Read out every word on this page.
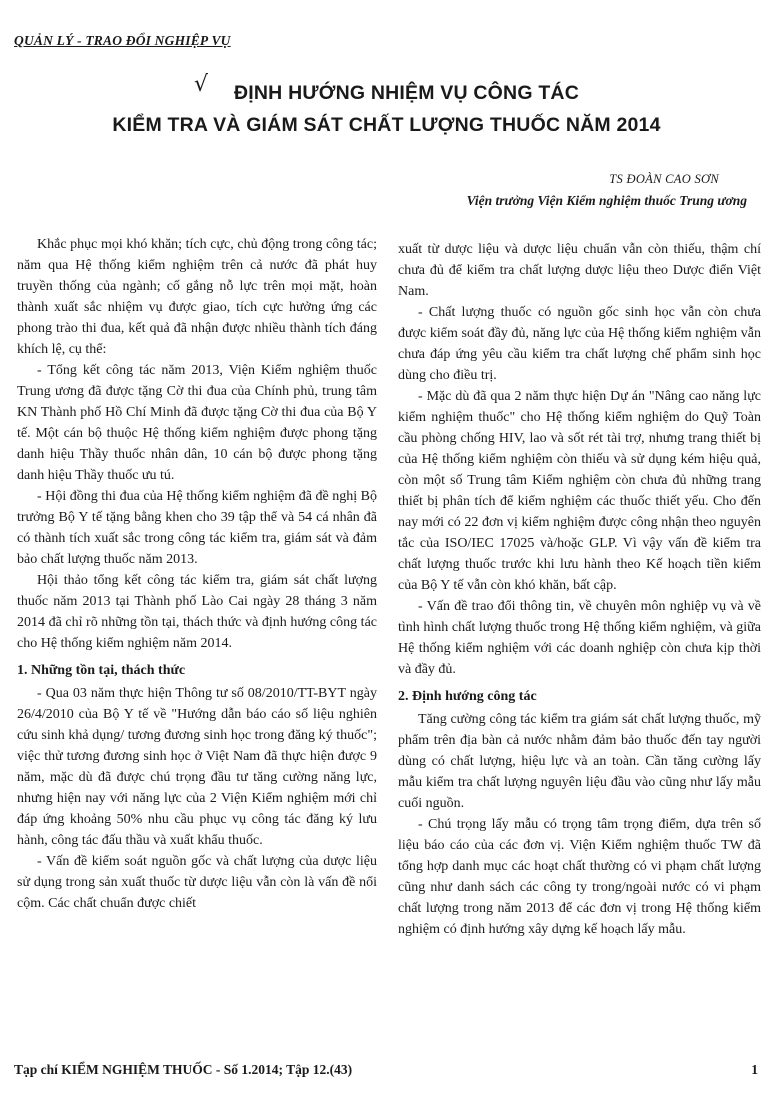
QUẢN LÝ - TRAO ĐỔI NGHIỆP VỤ
√	ĐỊNH HƯỚNG NHIỆM VỤ CÔNG TÁC
KIỂM TRA VÀ GIÁM SÁT CHẤT LƯỢNG THUỐC NĂM 2014
TS ĐOÀN CAO SƠN
Viện trưởng Viện Kiểm nghiệm thuốc Trung ương

Khắc phục mọi khó khăn; tích cực, chủ động trong công tác; năm qua Hệ thống kiểm nghiệm trên cả nước đã phát huy truyền thống của ngành; cố gắng nỗ lực trên mọi mặt, hoàn thành xuất sắc nhiệm vụ được giao, tích cực hưởng ứng các phong trào thi đua, kết quả đã nhận được nhiều thành tích đáng khích lệ, cụ thể:

- Tổng kết công tác năm 2013, Viện Kiểm nghiệm thuốc Trung ương đã được tặng Cờ thi đua của Chính phủ, trung tâm KN Thành phố Hồ Chí Minh đã được tặng Cờ thi đua của Bộ Y tế. Một cán bộ thuộc Hệ thống kiểm nghiệm được phong tặng danh hiệu Thầy thuốc nhân dân, 10 cán bộ được phong tặng danh hiệu Thầy thuốc ưu tú.

- Hội đồng thi đua của Hệ thống kiểm nghiệm đã đề nghị Bộ trưởng Bộ Y tế tặng bằng khen cho 39 tập thể và 54 cá nhân đã có thành tích xuất sắc trong công tác kiểm tra, giám sát và đảm bảo chất lượng thuốc năm 2013.

Hội thảo tổng kết công tác kiểm tra, giám sát chất lượng thuốc năm 2013 tại Thành phố Lào Cai ngày 28 tháng 3 năm 2014 đã chỉ rõ những tồn tại, thách thức và định hướng công tác cho Hệ thống kiểm nghiệm năm 2014.

1. Những tồn tại, thách thức

- Qua 03 năm thực hiện Thông tư số 08/2010/TT-BYT ngày 26/4/2010 của Bộ Y tế về "Hướng dẫn báo cáo số liệu nghiên cứu sinh khả dụng/ tương đương sinh học trong đăng ký thuốc"; việc thử tương đương sinh học ở Việt Nam đã thực hiện được 9 năm, mặc dù đã được chú trọng đầu tư tăng cường năng lực, nhưng hiện nay với năng lực của 2 Viện Kiểm nghiệm mới chỉ đáp ứng khoảng 50% nhu cầu phục vụ công tác đăng ký lưu hành, công tác đấu thầu và xuất khẩu thuốc.

- Vấn đề kiểm soát nguồn gốc và chất lượng của dược liệu sử dụng trong sản xuất thuốc từ dược liệu vẫn còn là vấn đề nổi cộm. Các chất chuẩn được chiết

xuất từ dược liệu và dược liệu chuẩn vẫn còn thiếu, thậm chí chưa đủ để kiểm tra chất lượng dược liệu theo Dược điển Việt Nam.

- Chất lượng thuốc có nguồn gốc sinh học vẫn còn chưa được kiểm soát đầy đủ, năng lực của Hệ thống kiểm nghiệm vẫn chưa đáp ứng yêu cầu kiểm tra chất lượng chế phẩm sinh học dùng cho điều trị.

- Mặc dù đã qua 2 năm thực hiện Dự án "Nâng cao năng lực kiểm nghiệm thuốc" cho Hệ thống kiểm nghiệm do Quỹ Toàn cầu phòng chống HIV, lao và sốt rét tài trợ, nhưng trang thiết bị của Hệ thống kiểm nghiệm còn thiếu và sử dụng kém hiệu quả, còn một số Trung tâm Kiểm nghiệm còn chưa đủ những trang thiết bị phân tích để kiểm nghiệm các thuốc thiết yếu. Cho đến nay mới có 22 đơn vị kiểm nghiệm được công nhận theo nguyên tắc của ISO/IEC 17025 và/hoặc GLP. Vì vậy vấn đề kiểm tra chất lượng thuốc trước khi lưu hành theo Kế hoạch tiền kiểm của Bộ Y tế vẫn còn khó khăn, bất cập.

- Vấn đề trao đổi thông tin, về chuyên môn nghiệp vụ và về tình hình chất lượng thuốc trong Hệ thống kiểm nghiệm, và giữa Hệ thống kiểm nghiệm với các doanh nghiệp còn chưa kịp thời và đầy đủ.

2. Định hướng công tác

Tăng cường công tác kiểm tra giám sát chất lượng thuốc, mỹ phẩm trên địa bàn cả nước nhằm đảm bảo thuốc đến tay người dùng có chất lượng, hiệu lực và an toàn. Cần tăng cường lấy mẫu kiểm tra chất lượng nguyên liệu đầu vào cũng như lấy mẫu cuối nguồn.

- Chú trọng lấy mẫu có trọng tâm trọng điểm, dựa trên số liệu báo cáo của các đơn vị. Viện Kiểm nghiệm thuốc TW đã tổng hợp danh mục các hoạt chất thường có vi phạm chất lượng cũng như danh sách các công ty trong/ngoài nước có vi phạm chất lượng trong năm 2013 để các đơn vị trong Hệ thống kiểm nghiệm có định hướng xây dựng kế hoạch lấy mẫu.

Tạp chí KIỂM NGHIỆM THUỐC - Số 1.2014; Tập 12.(43)	1
